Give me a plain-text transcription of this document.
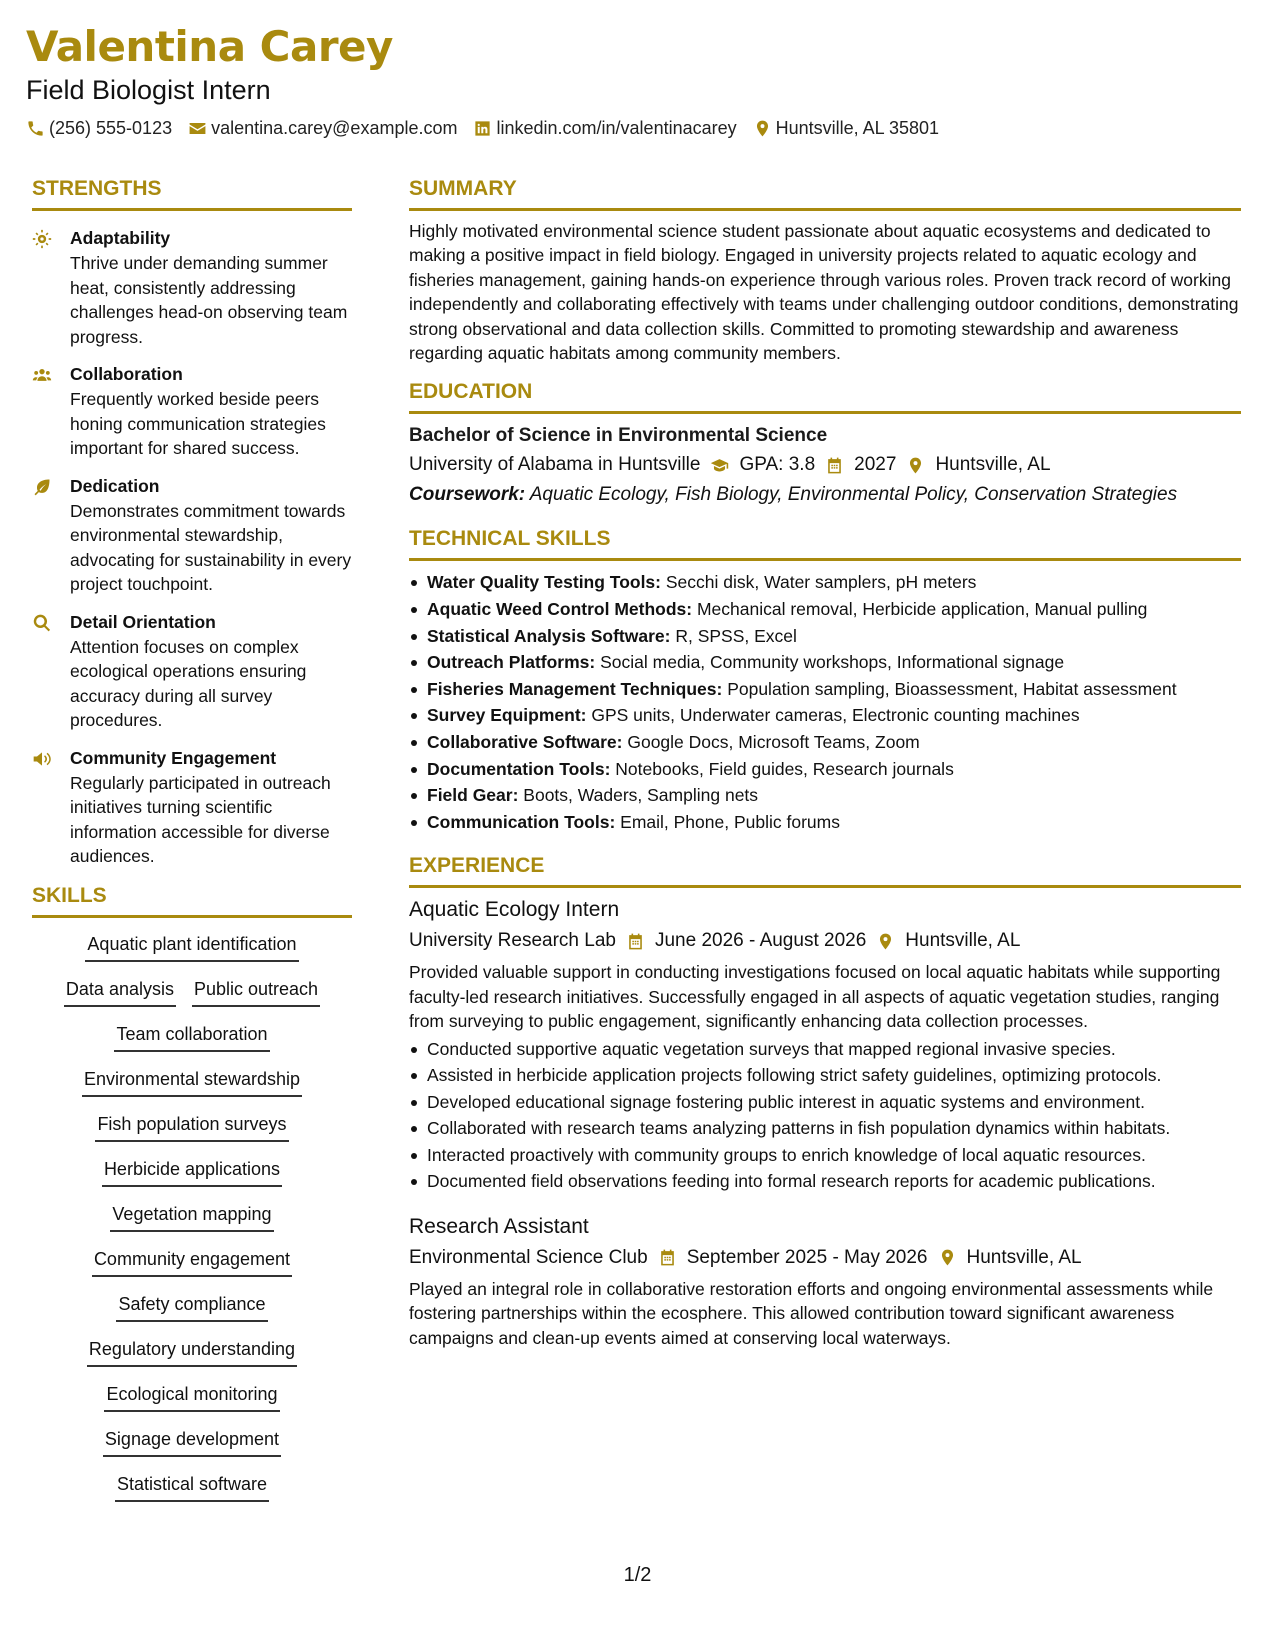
Valentina Carey
Field Biologist Intern
(256) 555-0123 valentina.carey@example.com linkedin.com/in/valentinacarey Huntsville, AL 35801
STRENGTHS
Adaptability
Thrive under demanding summer heat, consistently addressing challenges head-on observing team progress.
Collaboration
Frequently worked beside peers honing communication strategies important for shared success.
Dedication
Demonstrates commitment towards environmental stewardship, advocating for sustainability in every project touchpoint.
Detail Orientation
Attention focuses on complex ecological operations ensuring accuracy during all survey procedures.
Community Engagement
Regularly participated in outreach initiatives turning scientific information accessible for diverse audiences.
SKILLS
Aquatic plant identification
Data analysis Public outreach
Team collaboration
Environmental stewardship
Fish population surveys
Herbicide applications
Vegetation mapping
Community engagement
Safety compliance
Regulatory understanding
Ecological monitoring
Signage development
Statistical software
SUMMARY
Highly motivated environmental science student passionate about aquatic ecosystems and dedicated to making a positive impact in field biology. Engaged in university projects related to aquatic ecology and fisheries management, gaining hands-on experience through various roles. Proven track record of working independently and collaborating effectively with teams under challenging outdoor conditions, demonstrating strong observational and data collection skills. Committed to promoting stewardship and awareness regarding aquatic habitats among community members.
EDUCATION
Bachelor of Science in Environmental Science
University of Alabama in Huntsville GPA: 3.8 2027 Huntsville, AL
Coursework: Aquatic Ecology, Fish Biology, Environmental Policy, Conservation Strategies
TECHNICAL SKILLS
Water Quality Testing Tools: Secchi disk, Water samplers, pH meters
Aquatic Weed Control Methods: Mechanical removal, Herbicide application, Manual pulling
Statistical Analysis Software: R, SPSS, Excel
Outreach Platforms: Social media, Community workshops, Informational signage
Fisheries Management Techniques: Population sampling, Bioassessment, Habitat assessment
Survey Equipment: GPS units, Underwater cameras, Electronic counting machines
Collaborative Software: Google Docs, Microsoft Teams, Zoom
Documentation Tools: Notebooks, Field guides, Research journals
Field Gear: Boots, Waders, Sampling nets
Communication Tools: Email, Phone, Public forums
EXPERIENCE
Aquatic Ecology Intern
University Research Lab June 2026 - August 2026 Huntsville, AL
Provided valuable support in conducting investigations focused on local aquatic habitats while supporting faculty-led research initiatives. Successfully engaged in all aspects of aquatic vegetation studies, ranging from surveying to public engagement, significantly enhancing data collection processes.
Conducted supportive aquatic vegetation surveys that mapped regional invasive species.
Assisted in herbicide application projects following strict safety guidelines, optimizing protocols.
Developed educational signage fostering public interest in aquatic systems and environment.
Collaborated with research teams analyzing patterns in fish population dynamics within habitats.
Interacted proactively with community groups to enrich knowledge of local aquatic resources.
Documented field observations feeding into formal research reports for academic publications.
Research Assistant
Environmental Science Club September 2025 - May 2026 Huntsville, AL
Played an integral role in collaborative restoration efforts and ongoing environmental assessments while fostering partnerships within the ecosphere. This allowed contribution toward significant awareness campaigns and clean-up events aimed at conserving local waterways.
1/2
